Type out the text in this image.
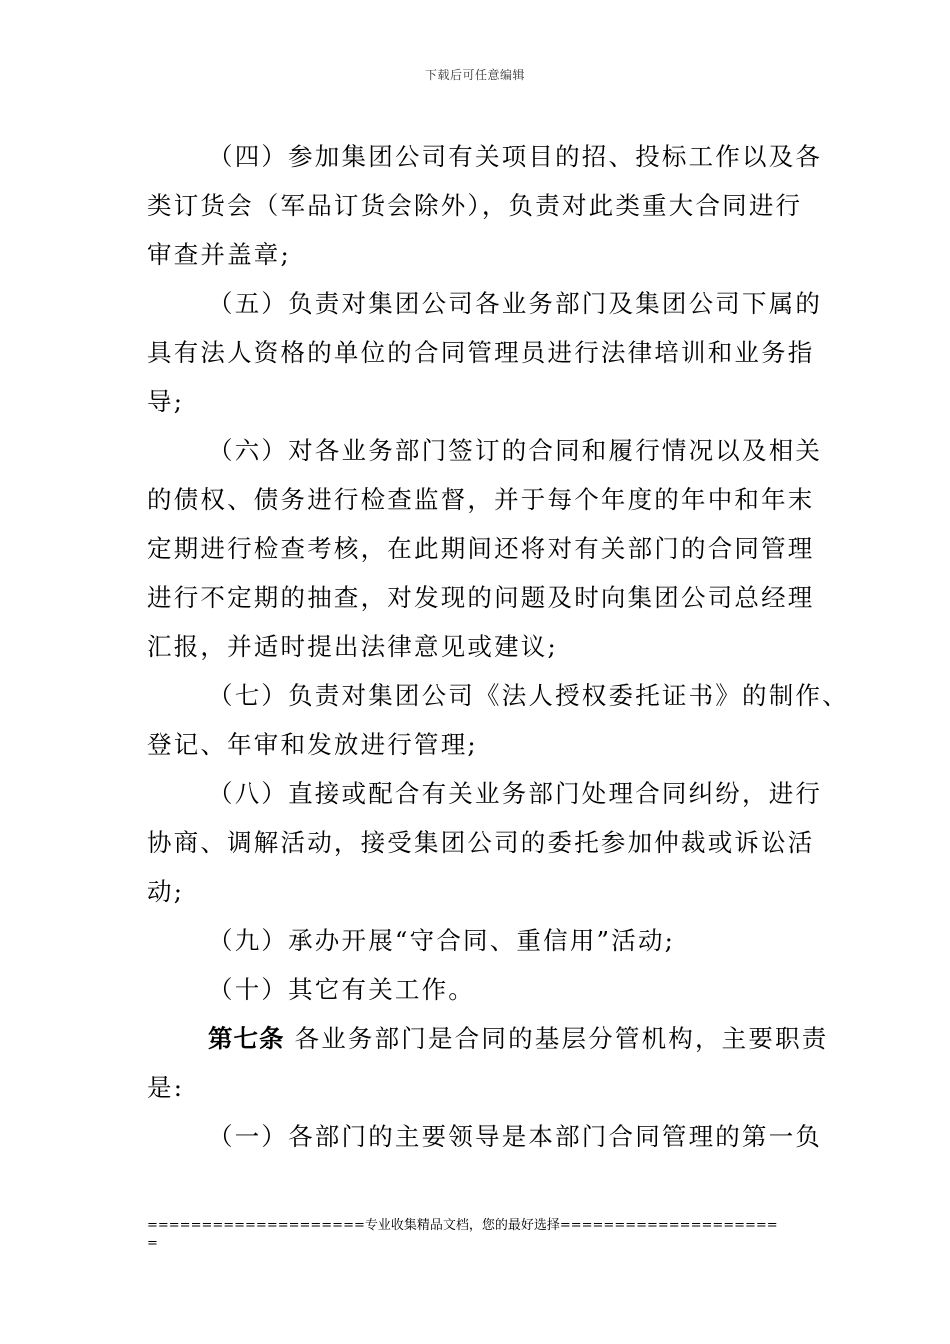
下载后可任意编辑
（四）参加集团公司有关项目的招、投标工作以及各
类订货会（军品订货会除外），负责对此类重大合同进行
审查并盖章;
（五）负责对集团公司各业务部门及集团公司下属的
具有法人资格的单位的合同管理员进行法律培训和业务指
导;
（六）对各业务部门签订的合同和履行情况以及相关
的债权、债务进行检查监督，并于每个年度的年中和年末
定期进行检查考核，在此期间还将对有关部门的合同管理
进行不定期的抽查，对发现的问题及时向集团公司总经理
汇报，并适时提出法律意见或建议;
（七）负责对集团公司《法人授权委托证书》的制作、
登记、年审和发放进行管理;
（八）直接或配合有关业务部门处理合同纠纷，进行
协商、调解活动，接受集团公司的委托参加仲裁或诉讼活
动;
（九）承办开展“守合同、重信用”活动;
（十）其它有关工作。
第七条 各业务部门是合同的基层分管机构，主要职责
是:
（一）各部门的主要领导是本部门合同管理的第一负
====================专业收集精品文档，您的最好选择====================
=
